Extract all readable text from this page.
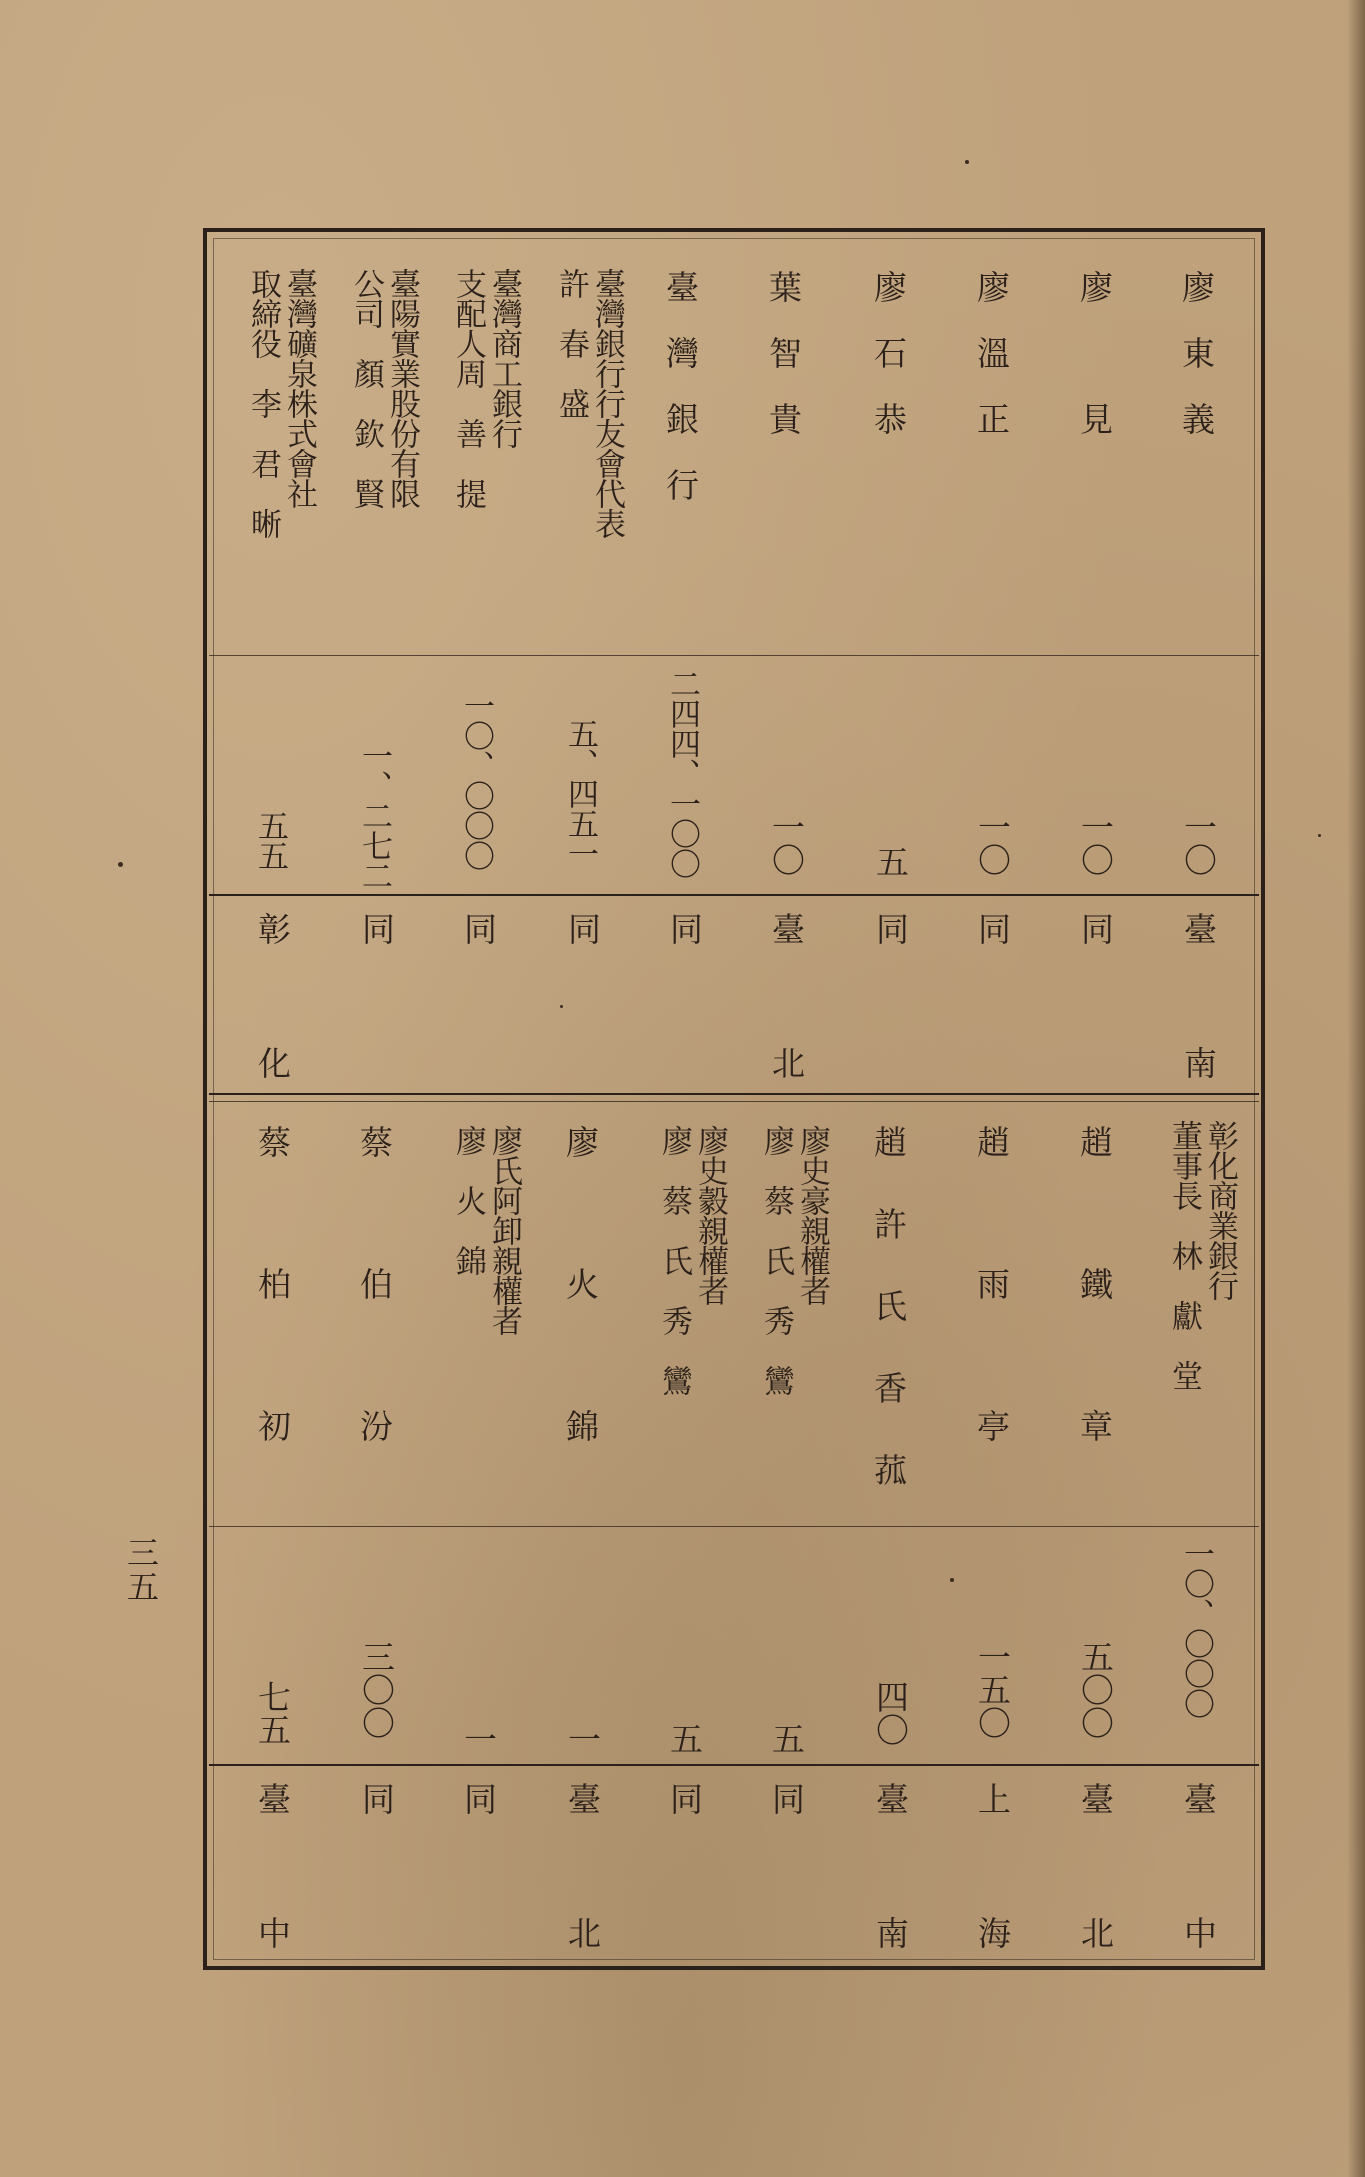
廖　東　義
廖　　　見
廖　溫　正
廖　石　恭
葉　智　貴
臺　灣　銀　行
臺灣銀行行友會代表
許　春　盛
臺灣商工銀行
支配人周　善　提
臺陽實業股份有限
公司　顏　欽　賢
臺灣礦泉株式會社
取締役　李　君　晰
一〇
一〇
一〇
五
一〇
二四四、一〇〇
五、四五一
一〇、〇〇〇
一、二七二
五五
臺　南
同
同
同
臺　北
同
同
同
同
彰　化
彰化商業銀行
董事長　林　獻　堂
趙　鐵　章
趙　雨　亭
趙　許　氏　香　菰
廖史豪親權者
廖　蔡　氏　秀　鸞
廖史豰親權者
廖　蔡　氏　秀　鸞
廖　火　錦
廖氏阿卸親權者
廖　火　錦
蔡　伯　汾
蔡　柏　初
一〇、〇〇〇
五〇〇
一五〇
四〇
五
五
一
一
三〇〇
七五
臺　中
臺　北
上　海
臺　南
同
同
臺　北
同
同
臺　中
三五
